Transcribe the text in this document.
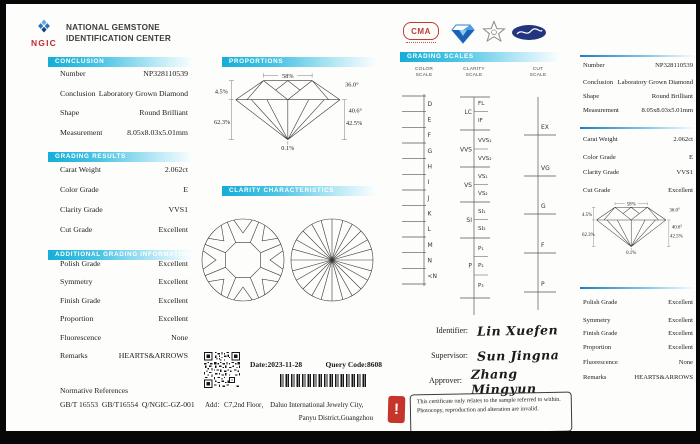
NGIC
NATIONAL GEMSTONE
IDENTIFICATION CENTER
CMA
CONCLUSION
Number	NP328110539
Conclusion Laboratory Grown Diamond
Shape	Round Brilliant
Measurement	8.05x8.03x5.01mm
GRADING RESULTS
Carat Weight	2.062ct
Color Grade	E
Clarity Grade	VVS1
Cut Grade	Excellent
ADDITIONAL GRADING INFORMATION
Polish Grade	Excellent
Symmetry	Excellent
Finish Grade	Excellent
Proportion	Excellent
Fluorescence	None
Remarks	HEARTS&ARROWS
Normative References
GB/T 16553  GB/T16554  Q/NGIC-GZ-001
PROPORTIONS
58%
36.0°
4.5%
40.6°
62.3%	42.5%
0.1%
CLARITY CHARACTERISTICS
Date:2023-11-28	Query Code:8608
Add：C7,2nd Floor， Daluo International Jewelry City,
Panyu District,Guangzhou
GRADING SCALES
COLOR
SCALE
CLARITY
SCALE
CUT
SCALE
D
E
F
G
H
I
J
K
L
M
N
<N
FL
IF
VVS₁
VVS₂
VS₁
VS₂
SI₁
SI₂
P₁
P₂
P₃
LC
VVS
VS
SI
P
EX
VG
G
F
P
Identifier: Lin Xuefen
Supervisor: Sun Jingna
Approver: Zhang Mingyun
!	This certificate only relates to the sample referred to within. Photocopy, reproduction and alteration are invalid.
Number	NP328110539
Conclusion Laboratory Grown Diamond
Shape	Round Brilliant
Measurement	8.05x8.03x5.01mm
Carat Weight	2.062ct
Color Grade	E
Clarity Grade	VVS1
Cut Grade	Excellent
58%
36.0°
4.5%
40.6°
62.3%	42.5%
0.1%
Polish Grade	Excellent
Symmetry	Excellent
Finish Grade	Excellent
Proportion	Excellent
Fluorescence	None
Remarks	HEARTS&ARROWS
